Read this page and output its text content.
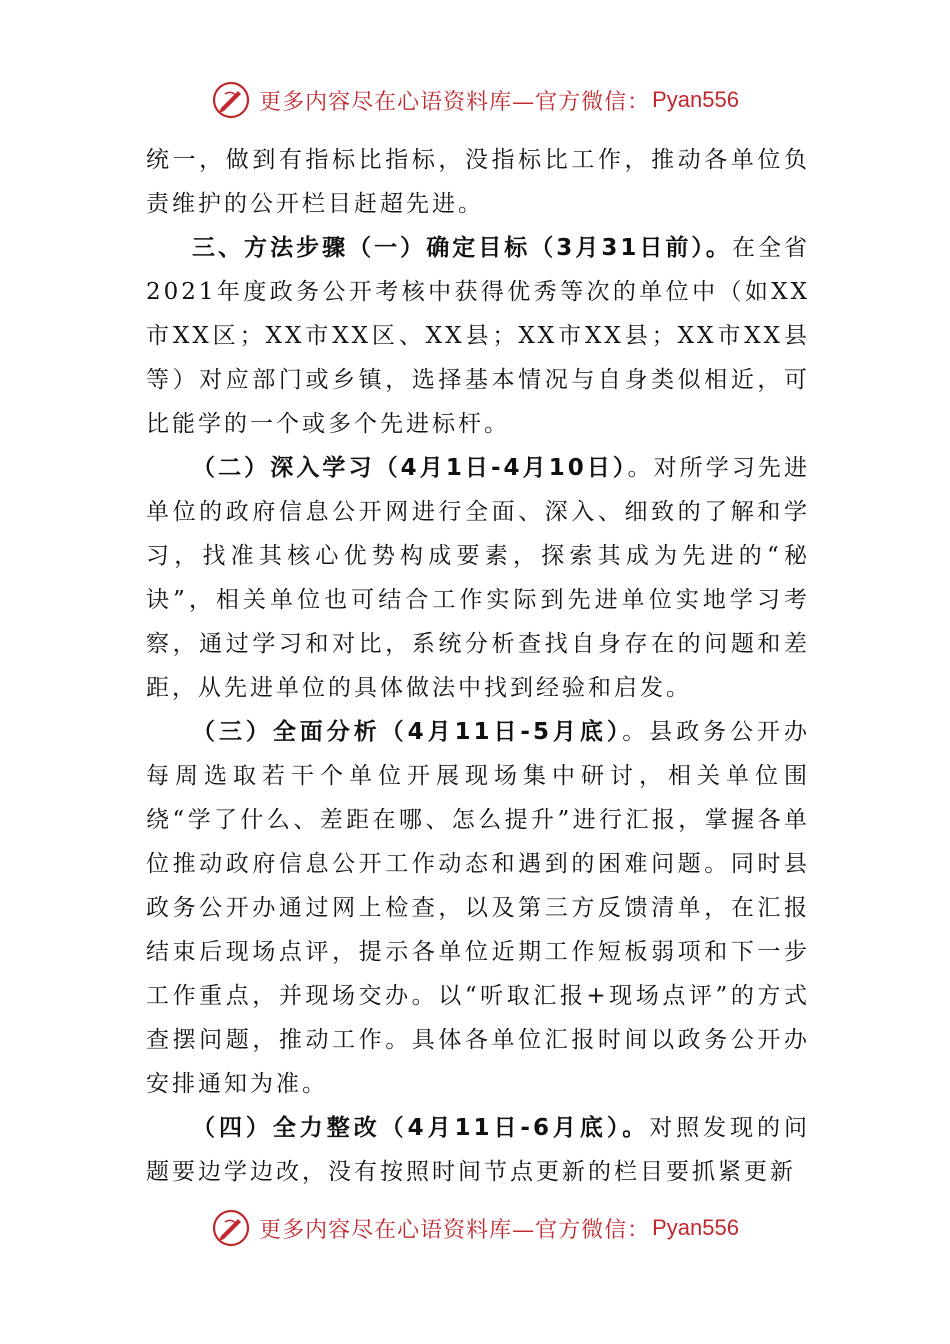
更多内容尽在心语资料库—官方微信： Pyan556

统一，做到有指标比指标，没指标比工作，推动各单位负责维护的公开栏目赶超先进。

三、方法步骤（一）确定目标（3月31日前）。在全省2021年度政务公开考核中获得优秀等次的单位中（如XX市XX区；XX市XX区、XX县；XX市XX县；XX市XX县等）对应部门或乡镇，选择基本情况与自身类似相近，可比能学的一个或多个先进标杆。

（二）深入学习（4月1日-4月10日）。对所学习先进单位的政府信息公开网进行全面、深入、细致的了解和学习，找准其核心优势构成要素，探索其成为先进的“秘诀”，相关单位也可结合工作实际到先进单位实地学习考察，通过学习和对比，系统分析查找自身存在的问题和差距，从先进单位的具体做法中找到经验和启发。

（三）全面分析（4月11日-5月底）。县政务公开办每周选取若干个单位开展现场集中研讨，相关单位围绕“学了什么、差距在哪、怎么提升”进行汇报，掌握各单位推动政府信息公开工作动态和遇到的困难问题。同时县政务公开办通过网上检查，以及第三方反馈清单，在汇报结束后现场点评，提示各单位近期工作短板弱项和下一步工作重点，并现场交办。以“听取汇报+现场点评”的方式查摆问题，推动工作。具体各单位汇报时间以政务公开办安排通知为准。

（四）全力整改（4月11日-6月底）。对照发现的问题要边学边改，没有按照时间节点更新的栏目要抓紧更新

更多内容尽在心语资料库—官方微信： Pyan556
